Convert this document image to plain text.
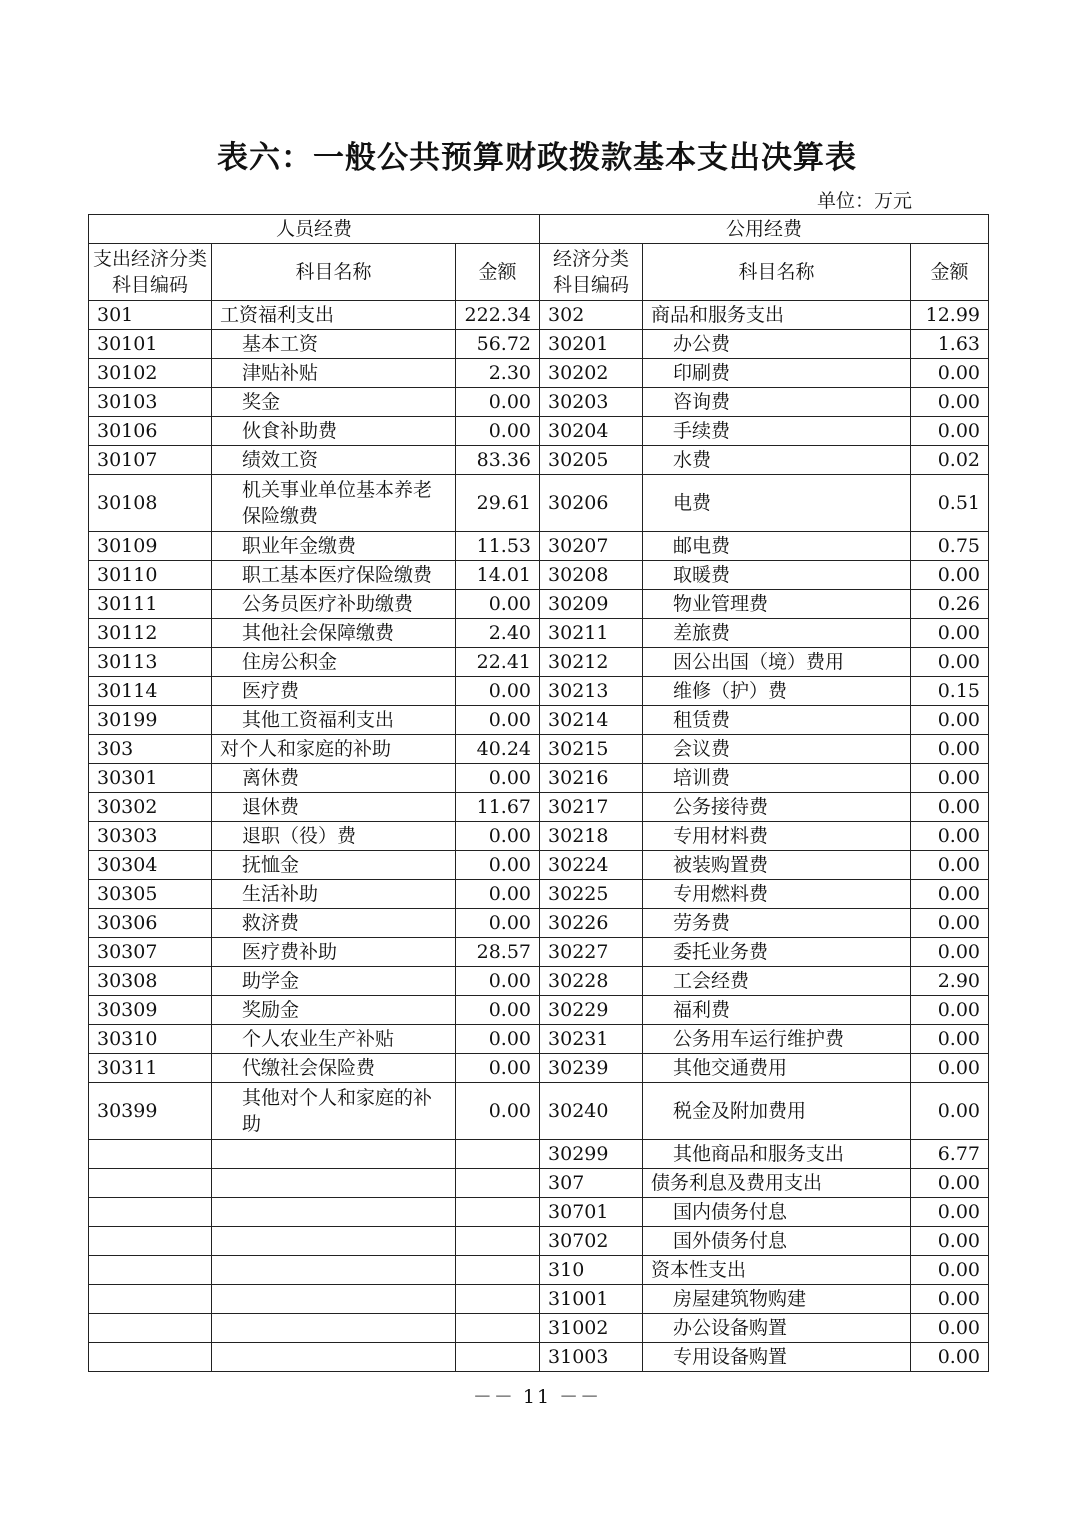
表六：一般公共预算财政拨款基本支出决算表
单位：万元
人员经费			公用经费		
支出经济分类科目编码	科目名称	金额	经济分类科目编码	科目名称	金额
301	工资福利支出	222.34	302	商品和服务支出	12.99
30101	基本工资	56.72	30201	办公费	1.63
30102	津贴补贴	2.30	30202	印刷费	0.00
30103	奖金	0.00	30203	咨询费	0.00
30106	伙食补助费	0.00	30204	手续费	0.00
30107	绩效工资	83.36	30205	水费	0.02
30108	机关事业单位基本养老保险缴费	29.61	30206	电费	0.51
30109	职业年金缴费	11.53	30207	邮电费	0.75
30110	职工基本医疗保险缴费	14.01	30208	取暖费	0.00
30111	公务员医疗补助缴费	0.00	30209	物业管理费	0.26
30112	其他社会保障缴费	2.40	30211	差旅费	0.00
30113	住房公积金	22.41	30212	因公出国（境）费用	0.00
30114	医疗费	0.00	30213	维修（护）费	0.15
30199	其他工资福利支出	0.00	30214	租赁费	0.00
303	对个人和家庭的补助	40.24	30215	会议费	0.00
30301	离休费	0.00	30216	培训费	0.00
30302	退休费	11.67	30217	公务接待费	0.00
30303	退职（役）费	0.00	30218	专用材料费	0.00
30304	抚恤金	0.00	30224	被装购置费	0.00
30305	生活补助	0.00	30225	专用燃料费	0.00
30306	救济费	0.00	30226	劳务费	0.00
30307	医疗费补助	28.57	30227	委托业务费	0.00
30308	助学金	0.00	30228	工会经费	2.90
30309	奖励金	0.00	30229	福利费	0.00
30310	个人农业生产补贴	0.00	30231	公务用车运行维护费	0.00
30311	代缴社会保险费	0.00	30239	其他交通费用	0.00
30399	其他对个人和家庭的补助	0.00	30240	税金及附加费用	0.00
			30299	其他商品和服务支出	6.77
			307	债务利息及费用支出	0.00
			30701	国内债务付息	0.00
			30702	国外债务付息	0.00
			310	资本性支出	0.00
			31001	房屋建筑物购建	0.00
			31002	办公设备购置	0.00
			31003	专用设备购置	0.00
－－ 11 －－
